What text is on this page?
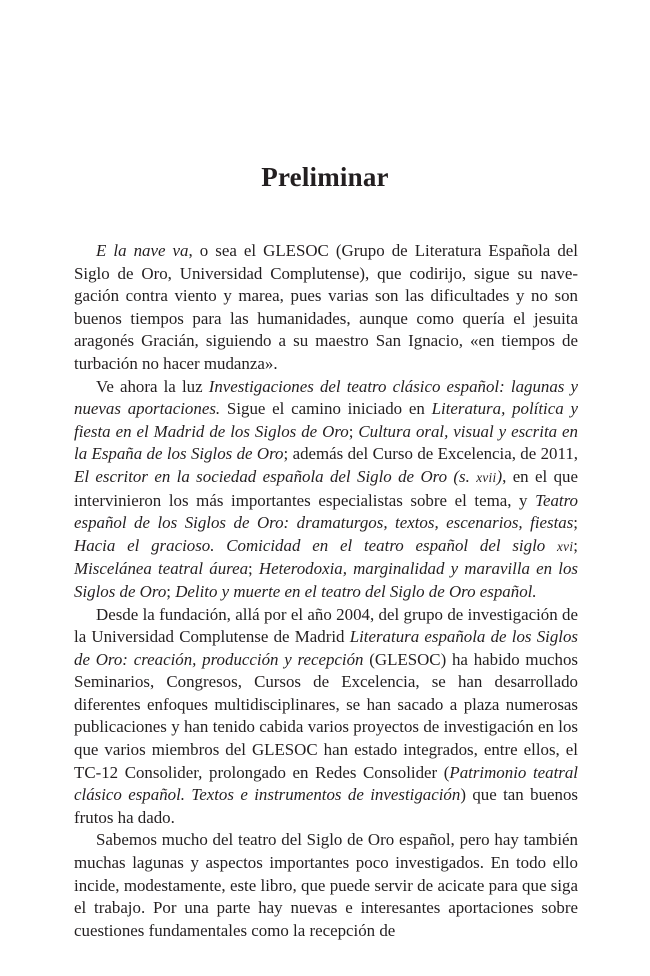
Preliminar

E la nave va, o sea el GLESOC (Grupo de Literatura Española del Siglo de Oro, Universidad Complutense), que codirijo, sigue su navegación contra viento y marea, pues varias son las dificultades y no son buenos tiempos para las humanidades, aunque como quería el jesuita aragonés Gracián, siguiendo a su maestro San Ignacio, «en tiempos de turbación no hacer mudanza».

Ve ahora la luz Investigaciones del teatro clásico español: lagunas y nuevas aportaciones. Sigue el camino iniciado en Literatura, política y fiesta en el Madrid de los Siglos de Oro; Cultura oral, visual y escrita en la España de los Siglos de Oro; además del Curso de Excelencia, de 2011, El escritor en la sociedad española del Siglo de Oro (s. xvii), en el que intervinieron los más importantes especialistas sobre el tema, y Teatro español de los Siglos de Oro: dramaturgos, textos, escenarios, fiestas; Hacia el gracioso. Comicidad en el teatro español del siglo xvi; Miscelánea teatral áurea; Heterodoxia, marginalidad y maravilla en los Siglos de Oro; Delito y muerte en el teatro del Siglo de Oro español.

Desde la fundación, allá por el año 2004, del grupo de investigación de la Universidad Complutense de Madrid Literatura española de los Siglos de Oro: creación, producción y recepción (GLESOC) ha habido muchos Seminarios, Congresos, Cursos de Excelencia, se han desarrollado diferentes enfoques multidisciplinares, se han sacado a plaza numerosas publicaciones y han tenido cabida varios proyectos de investigación en los que varios miembros del GLESOC han estado integrados, entre ellos, el TC-12 Consolider, prolongado en Redes Consolider (Patrimonio teatral clásico español. Textos e instrumentos de investigación) que tan buenos frutos ha dado.

Sabemos mucho del teatro del Siglo de Oro español, pero hay también muchas lagunas y aspectos importantes poco investigados. En todo ello incide, modestamente, este libro, que puede servir de acicate para que siga el trabajo. Por una parte hay nuevas e interesantes aportaciones sobre cuestiones fundamentales como la recepción de
